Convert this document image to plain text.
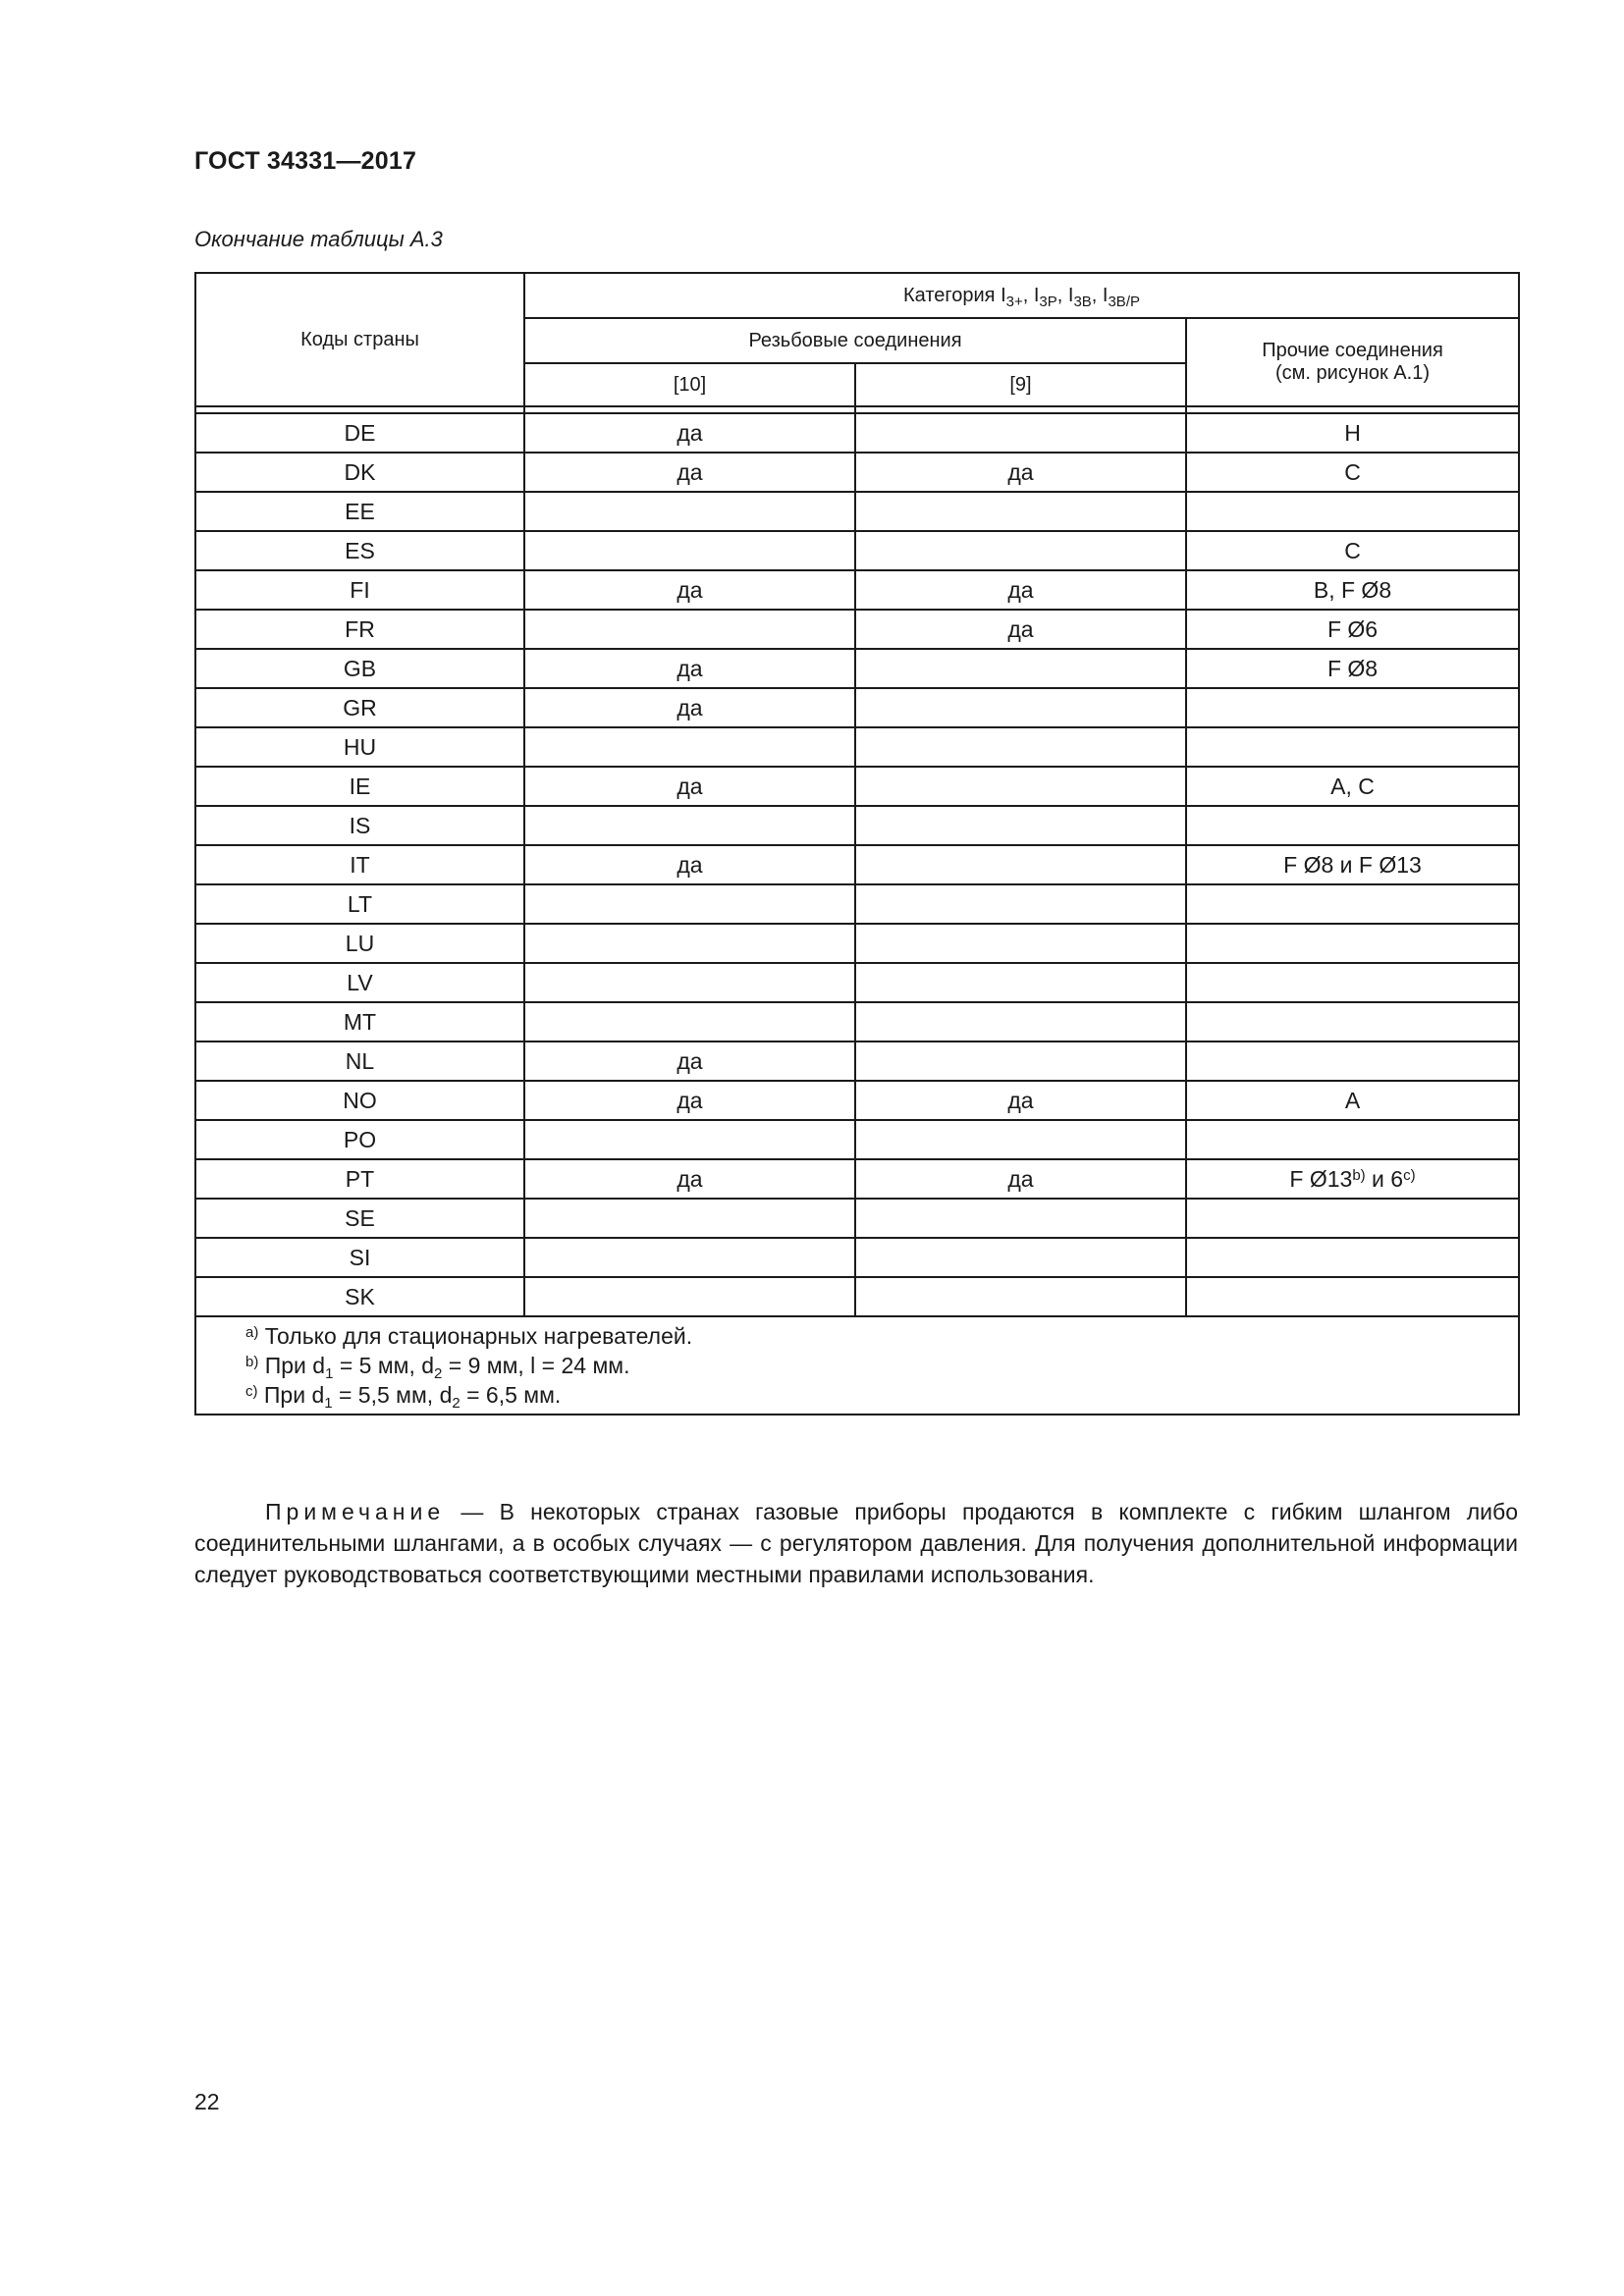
ГОСТ 34331—2017
Окончание таблицы А.3
Коды страны	Категория $I_{3+}$, $I_{3P}$, $I_{3B}$, $I_{3B/P}$
	Резьбовые соединения		Прочие соединения
(см. рисунок А.1)

	[10]	[9]	

DE	да		H
DK	да	да	C
EE			
ES			C
FI	да	да	B, F Ø8
FR		да	F Ø6
GB	да		F Ø8
GR	да		
HU			
IE	да		A, C
IS			
IT	да		F Ø8 и F Ø13
LT			
LU			
LV			
MT			
NL	да		
NO	да	да	A
PO			
PT	да	да	F Ø13$^{b)}$ и 6$^{c)}$
SE			
SI			
SK			

$^{a)}$ Только для стационарных нагревателей.
$^{b)}$ При $d_1 = 5$ мм, $d_2 = 9$ мм, l = 24 мм.
$^{c)}$ При $d_1 = 5,5$ мм, $d_2 = 6,5$ мм.			
Примечание — В некоторых странах газовые приборы продаются в комплекте с гибким шлангом либо соединительными шлангами, а в особых случаях — с регулятором давления. Для получения дополнительной информации следует руководствоваться соответствующими местными правилами использования.
22
